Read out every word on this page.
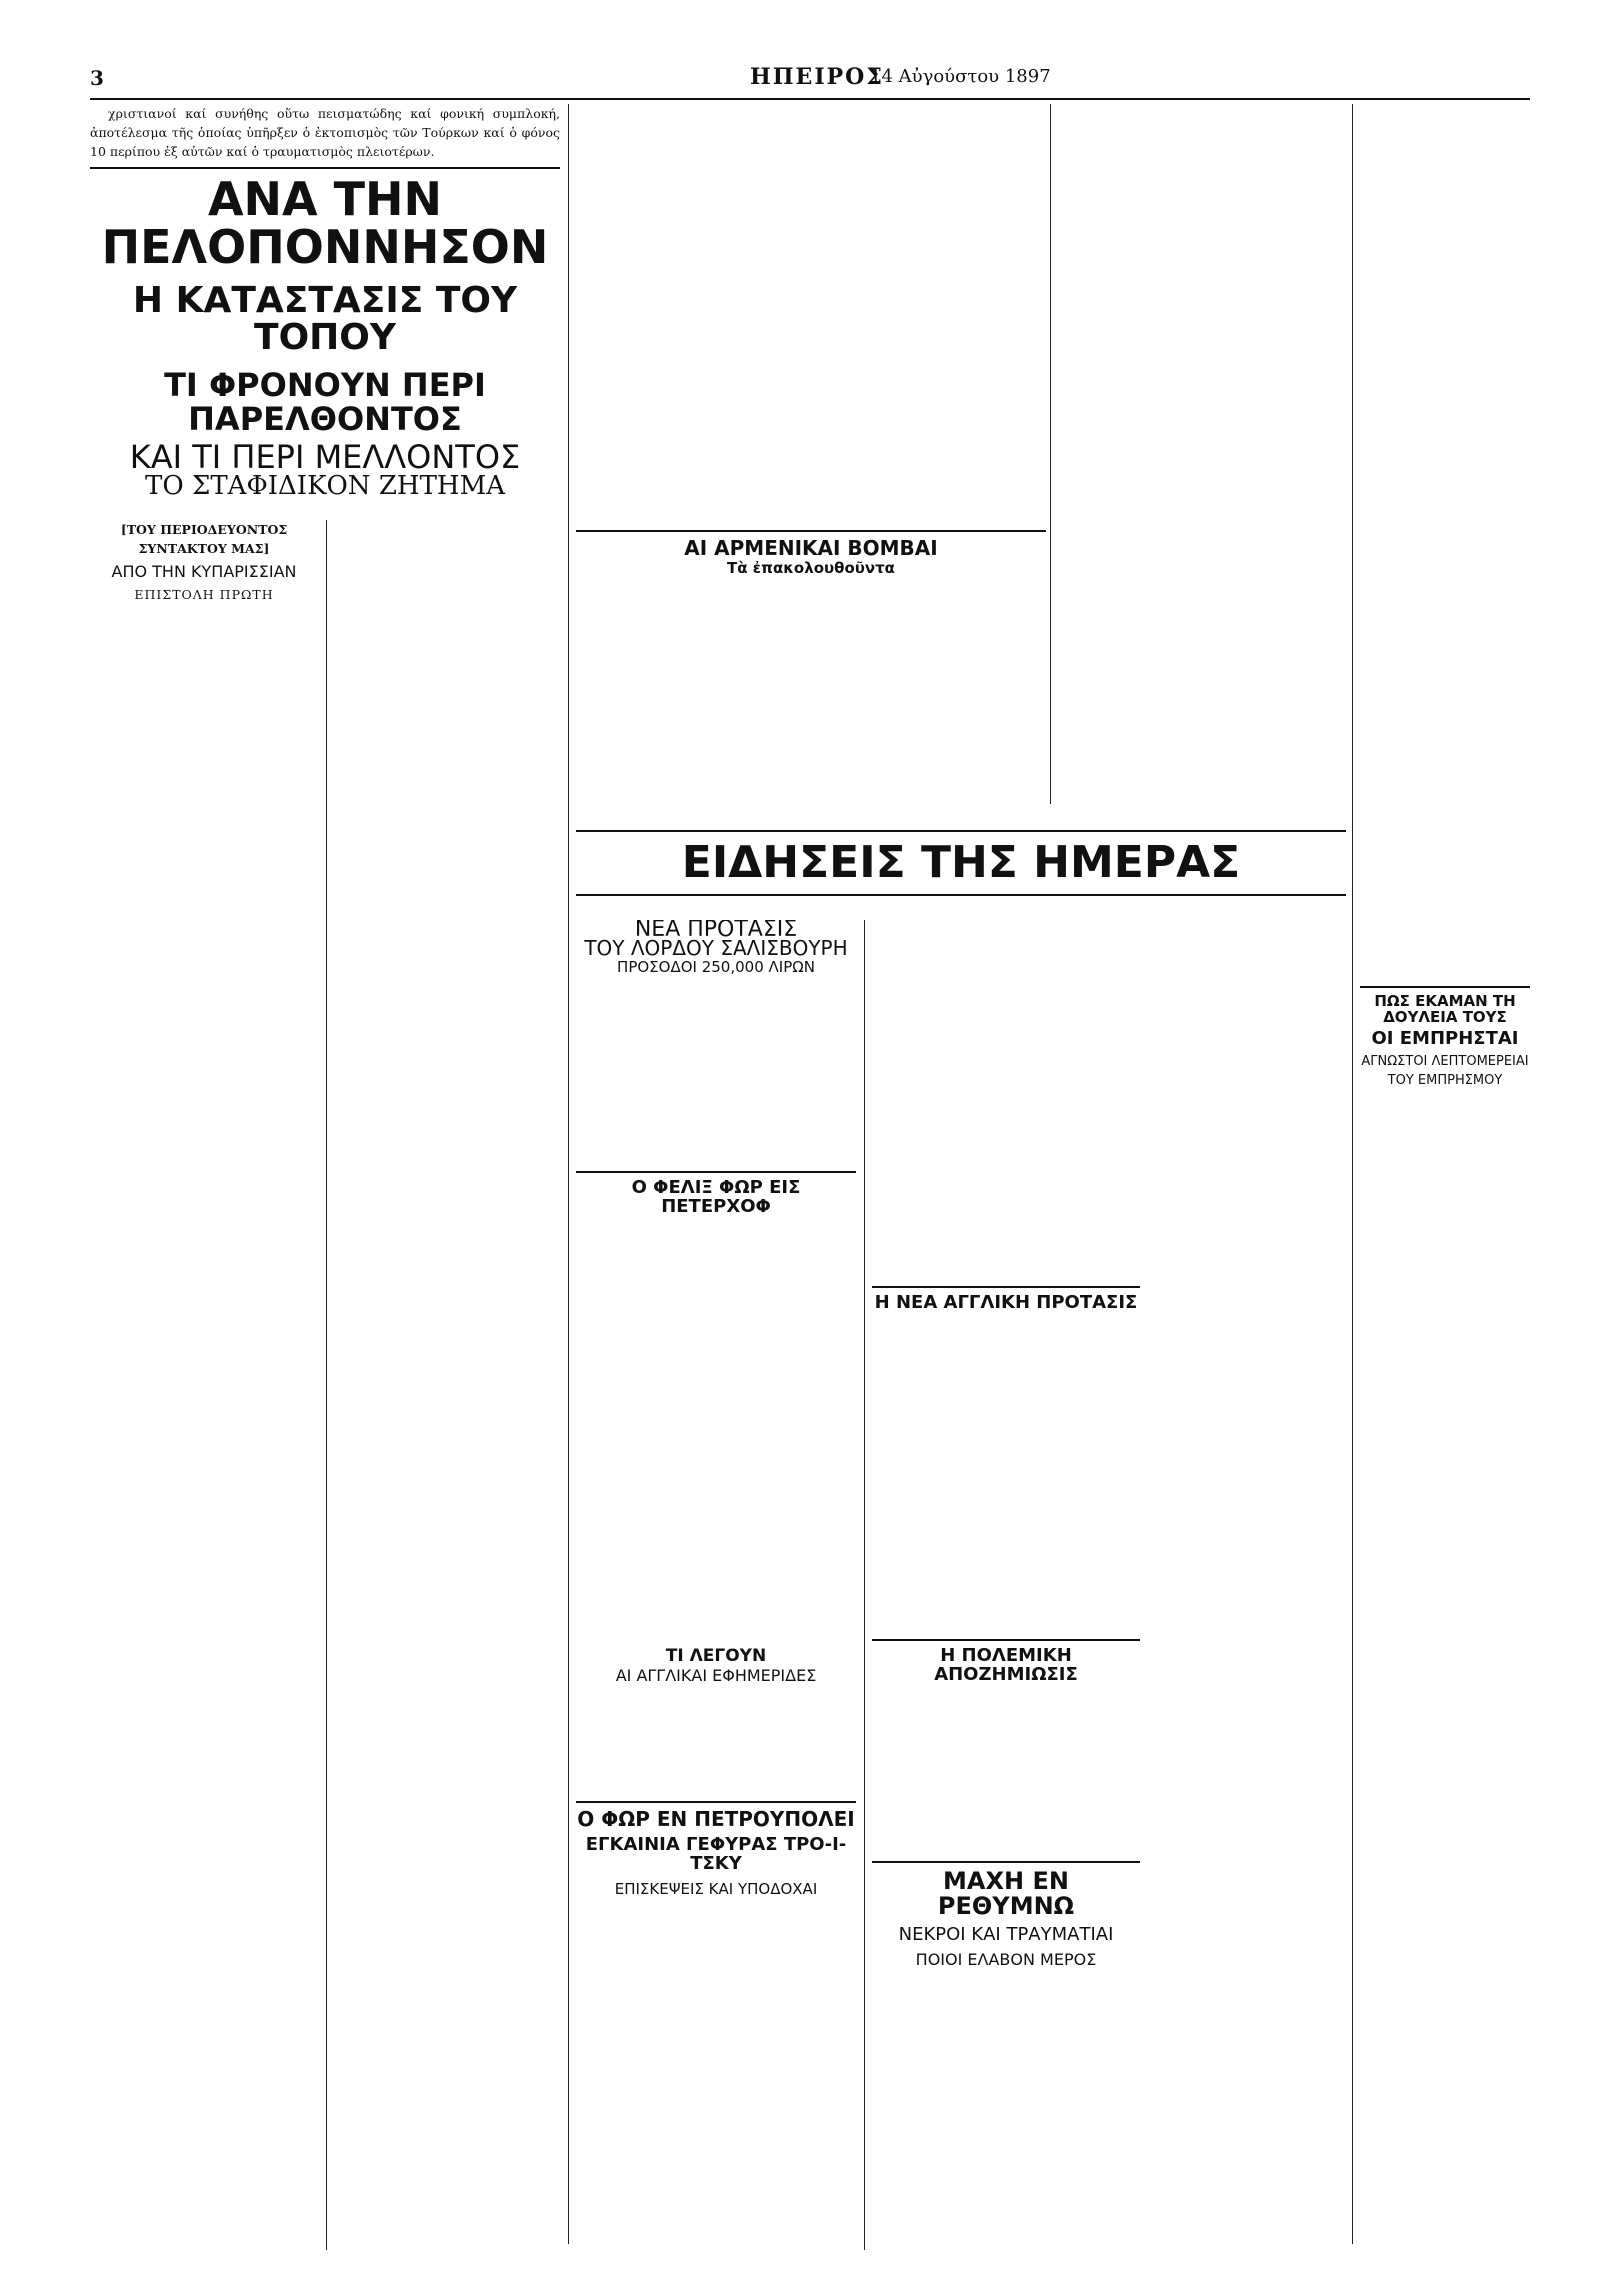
3	ΗΠΕΙΡΟΣ
14 Αὐγούστου 1897

χριστιανοί καί συνήθης οὕτω πεισματώδης καί φονική συμπλοκή, ἀποτέλεσμα τῆς ὁποίας ὑπῆρξεν ὁ ἐκτοπισμὸς τῶν Τούρκων καί ὁ φόνος 10 περίπου ἐξ αὐτῶν καί ὁ τραυματισμὸς πλειοτέρων.

ΑΝΑ ΤΗΝ ΠΕΛΟΠΟΝΝΗΣΟΝ
Η ΚΑΤΑΣΤΑΣΙΣ ΤΟΥ ΤΟΠΟΥ
ΤΙ ΦΡΟΝΟΥΝ ΠΕΡΙ ΠΑΡΕΛΘΟΝΤΟΣ
ΚΑΙ ΤΙ ΠΕΡΙ ΜΕΛΛΟΝΤΟΣ
ΤΟ ΣΤΑΦΙΔΙΚΟΝ ΖΗΤΗΜΑ
[ΤΟΥ ΠΕΡΙΟΔΕΥΟΝΤΟΣ ΣΥΝΤΑΚΤΟΥ ΜΑΣ]
ΑΠΟ ΤΗΝ ΚΥΠΑΡΙΣΣΙΑΝ
ΕΠΙΣΤΟΛΗ ΠΡΩΤΗ
ΑΙ ΑΡΜΕΝΙΚΑΙ ΒΟΜΒΑΙ
Τὰ ἐπακολουθοῦντα
ΕΙΔΗΣΕΙΣ ΤΗΣ ΗΜΕΡΑΣ
ΝΕΑ ΠΡΟΤΑΣΙΣ
ΤΟΥ ΛΟΡΔΟΥ ΣΑΛΙΣΒΟΥΡΗ
ΠΡΟΣΟΔΟΙ 250,000 ΛΙΡΩΝ
Ο ΦΕΛΙΞ ΦΩΡ ΕΙΣ ΠΕΤΕΡΧΟΦ
ΤΙ ΛΕΓΟΥΝ
ΑΙ ΑΓΓΛΙΚΑΙ ΕΦΗΜΕΡΙΔΕΣ
Ο ΦΩΡ ΕΝ ΠΕΤΡΟΥΠΟΛΕΙ
ΕΓΚΑΙΝΙΑ ΓΕΦΥΡΑΣ ΤΡΟ-Ι-ΤΣΚΥ
ΕΠΙΣΚΕΨΕΙΣ ΚΑΙ ΥΠΟΔΟΧΑΙ
Η ΝΕΑ ΑΓΓΛΙΚΗ ΠΡΟΤΑΣΙΣ
Η ΠΟΛΕΜΙΚΗ ΑΠΟΖΗΜΙΩΣΙΣ
ΜΑΧΗ ΕΝ ΡΕΘΥΜΝΩ
ΝΕΚΡΟΙ ΚΑΙ ΤΡΑΥΜΑΤΙΑΙ
ΠΟΙΟΙ ΕΛΑΒΟΝ ΜΕΡΟΣ
ΠΩΣ ΕΚΑΜΑΝ ΤΗ ΔΟΥΛΕΙΑ ΤΟΥΣ
ΟΙ ΕΜΠΡΗΣΤΑΙ
ΑΓΝΩΣΤΟΙ ΛΕΠΤΟΜΕΡΕΙΑΙ
ΤΟΥ ΕΜΠΡΗΣΜΟΥ
